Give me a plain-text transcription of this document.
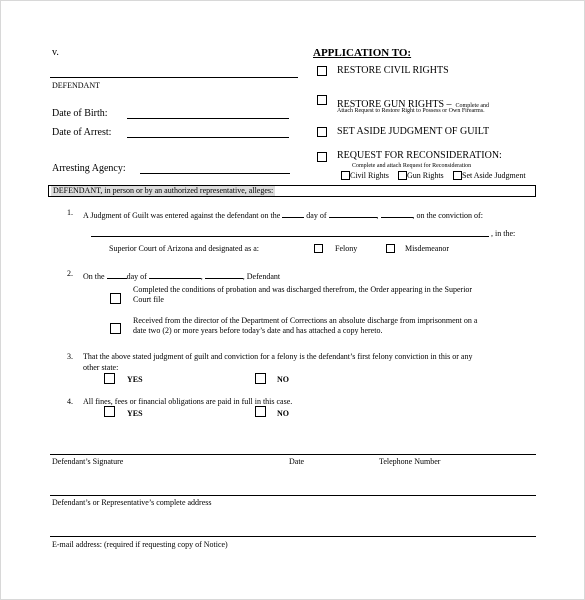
v.
DEFENDANT
Date of Birth:
Date of Arrest:
Arresting Agency:
APPLICATION TO:
RESTORE CIVIL RIGHTS
RESTORE GUN RIGHTS – Complete and
Attach Request to Restore Right to Possess or Own Firearms.
SET ASIDE JUDGMENT OF GUILT
REQUEST FOR RECONSIDERATION:
Complete and attach Request for Reconsideration
Civil Rights Gun Rights Set Aside Judgment
DEFENDANT, in person or by an authorized representative, alleges:
1. A Judgment of Guilt was entered against the defendant on the	day of	,	, on the conviction of:
, in the:
Superior Court of Arizona and designated as a:	Felony	Misdemeanor
2. On the	day of	,	, Defendant
Completed the conditions of probation and was discharged therefrom, the Order appearing in the Superior
Court file
Received from the director of the Department of Corrections an absolute discharge from imprisonment on a
date two (2) or more years before today’s date and has attached a copy hereto.
3. That the above stated judgment of guilt and conviction for a felony is the defendant’s first felony conviction in this or any
other state:
YES	NO
4. All fines, fees or financial obligations are paid in full in this case.
YES	NO
Defendant’s Signature	Date	Telephone Number
Defendant’s or Representative’s complete address
E-mail address: (required if requesting copy of Notice)
